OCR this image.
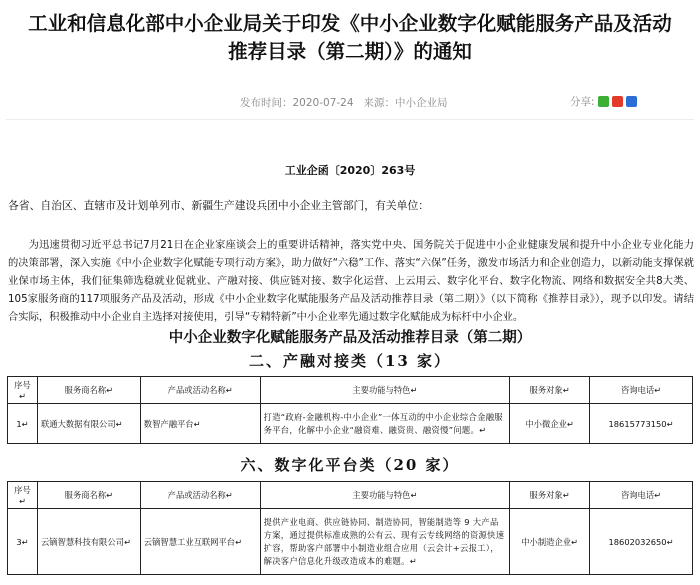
工业和信息化部中小企业局关于印发《中小企业数字化赋能服务产品及活动
推荐目录（第二期）》的通知
发布时间：2020-07-24 来源：中小企业局	分享:
工业企函〔2020〕263号
各省、自治区、直辖市及计划单列市、新疆生产建设兵团中小企业主管部门，有关单位：
为迅速贯彻习近平总书记7月21日在企业家座谈会上的重要讲话精神，落实党中央、国务院关于促进中小企业健康发展和提升中小企业专业化能力的决策部署，深入实施《中小企业数字化赋能专项行动方案》，助力做好“六稳”工作、落实“六保”任务，激发市场活力和企业创造力，以新动能支撑保就业保市场主体，我们征集筛选稳就业促就业、产融对接、供应链对接、数字化运营、上云用云、数字化平台、数字化物流、网络和数据安全共8大类、105家服务商的117项服务产品及活动，形成《中小企业数字化赋能服务产品及活动推荐目录（第二期）》（以下简称《推荐目录》），现予以印发。请结合实际，积极推动中小企业自主选择对接使用，引导“专精特新”中小企业率先通过数字化赋能成为标杆中小企业。
中小企业数字化赋能服务产品及活动推荐目录（第二期）
二、产融对接类（13 家）
序号↵	服务商名称↵	产品或活动名称↵	主要功能与特色↵	服务对象↵	咨询电话↵
1↵	联通大数据有限公司↵	数智产融平台↵	打造“政府-金融机构-中小企业”一体互动的中小企业综合金融服务平台，化解中小企业“融资难、融资贵、融资慢”问题。↵	中小微企业↵	18615773150↵
六、数字化平台类（20 家）
序号↵	服务商名称↵	产品或活动名称↵	主要功能与特色↵	服务对象↵	咨询电话↵
3↵	云镝智慧科技有限公司↵	云镝智慧工业互联网平台↵	提供产业电商、供应链协同、制造协同，智能制造等 9 大产品方案，通过提供标准成熟的公有云、现有云专线网络的资源快速扩容，帮助客户部署中小制造业组合应用（云会计+云报工），解决客户信息化升级改造成本的难题。↵	中小制造企业↵	18602032650↵
